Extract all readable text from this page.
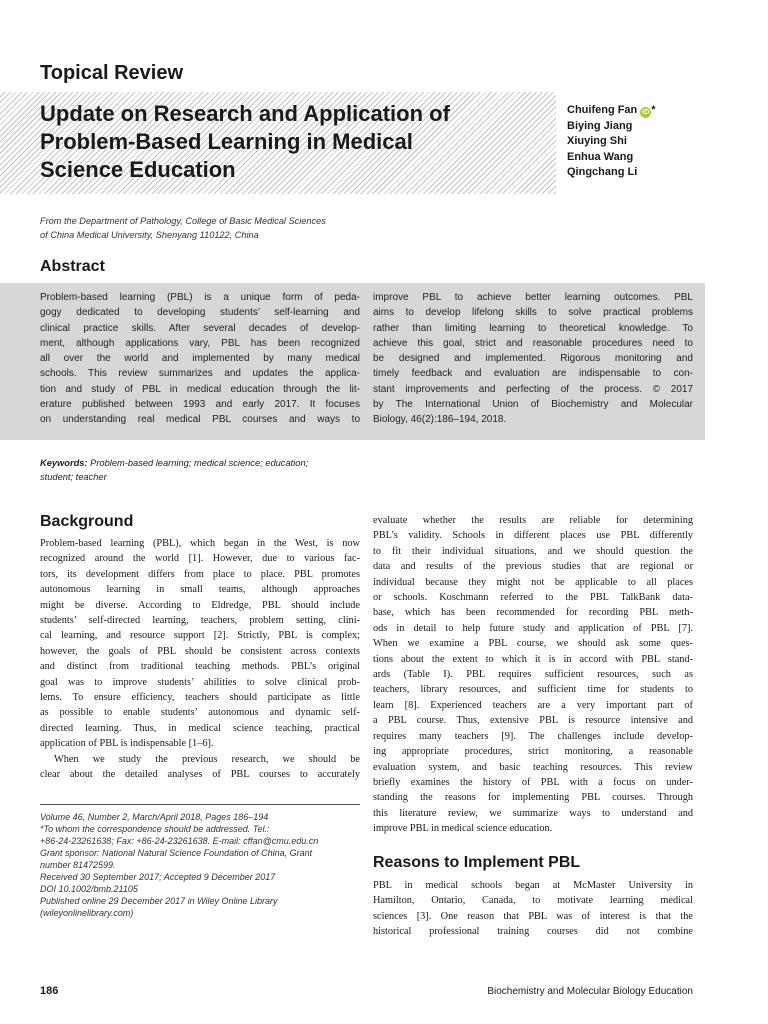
Topical Review
Update on Research and Application of
Problem-Based Learning in Medical
Science Education
Chuifeng Fan iD *
Biying Jiang
Xiuying Shi
Enhua Wang
Qingchang Li
From the Department of Pathology, College of Basic Medical Sciences
of China Medical University, Shenyang 110122, China
Abstract
Problem-based learning (PBL) is a unique form of peda-
gogy dedicated to developing students’ self-learning and
clinical practice skills. After several decades of develop-
ment, although applications vary, PBL has been recognized
all over the world and implemented by many medical
schools. This review summarizes and updates the applica-
tion and study of PBL in medical education through the lit-
erature published between 1993 and early 2017. It focuses
on understanding real medical PBL courses and ways to
improve PBL to achieve better learning outcomes. PBL
aims to develop lifelong skills to solve practical problems
rather than limiting learning to theoretical knowledge. To
achieve this goal, strict and reasonable procedures need to
be designed and implemented. Rigorous monitoring and
timely feedback and evaluation are indispensable to con-
stant improvements and perfecting of the process. © 2017
by The International Union of Biochemistry and Molecular
Biology, 46(2):186–194, 2018.
Keywords: Problem-based learning; medical science; education;
student; teacher
Background
Problem-based learning (PBL), which began in the West, is now
recognized around the world [1]. However, due to various fac-
tors, its development differs from place to place. PBL promotes
autonomous learning in small teams, although approaches
might be diverse. According to Eldredge, PBL should include
students’ self-directed learning, teachers, problem setting, clini-
cal learning, and resource support [2]. Strictly, PBL is complex;
however, the goals of PBL should be consistent across contexts
and distinct from traditional teaching methods. PBL’s original
goal was to improve students’ abilities to solve clinical prob-
lems. To ensure efficiency, teachers should participate as little
as possible to enable students’ autonomous and dynamic self-
directed learning. Thus, in medical science teaching, practical
application of PBL is indispensable [1–6].
When we study the previous research, we should be
clear about the detailed analyses of PBL courses to accurately
evaluate whether the results are reliable for determining
PBL’s validity. Schools in different places use PBL differently
to fit their individual situations, and we should question the
data and results of the previous studies that are regional or
individual because they might not be applicable to all places
or schools. Koschmann referred to the PBL TalkBank data-
base, which has been recommended for recording PBL meth-
ods in detail to help future study and application of PBL [7].
When we examine a PBL course, we should ask some ques-
tions about the extent to which it is in accord with PBL stand-
ards (Table I). PBL requires sufficient resources, such as
teachers, library resources, and sufficient time for students to
learn [8]. Experienced teachers are a very important part of
a PBL course. Thus, extensive PBL is resource intensive and
requires many teachers [9]. The challenges include develop-
ing appropriate procedures, strict monitoring, a reasonable
evaluation system, and basic teaching resources. This review
briefly examines the history of PBL with a focus on under-
standing the reasons for implementing PBL courses. Through
this literature review, we summarize ways to understand and
improve PBL in medical science education.
Volume 46, Number 2, March/April 2018, Pages 186–194
*To whom the correspondence should be addressed. Tel.:
+86-24-23261638; Fax: +86-24-23261638. E-mail: cffan@cmu.edu.cn
Grant sponsor: National Natural Science Foundation of China, Grant
number 81472599.
Received 30 September 2017; Accepted 9 December 2017
DOI 10.1002/bmb.21105
Published online 29 December 2017 in Wiley Online Library
(wileyonlinelibrary.com)
Reasons to Implement PBL
PBL in medical schools began at McMaster University in
Hamilton, Ontario, Canada, to motivate learning medical
sciences [3]. One reason that PBL was of interest is that the
historical professional training courses did not combine
186	Biochemistry and Molecular Biology Education
